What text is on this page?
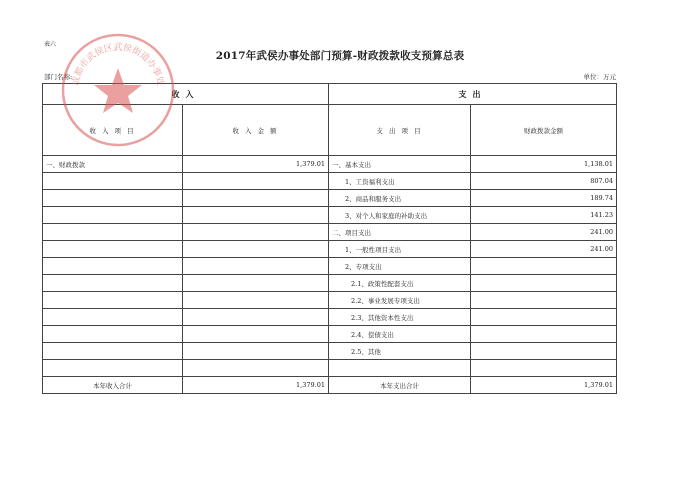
表六
2017年武侯办事处部门预算-财政拨款收支预算总表
部门名称:	单位：万元
收入		支出	
收 入 项 目	收 入 金 额	支 出 项 目	财政拨款金额
一、财政拨款	1,379.01	一、基本支出	1,138.01
		1、工资福利支出	807.04
		2、商品和服务支出	189.74
		3、对个人和家庭的补助支出	141.23
		二、项目支出	241.00
		1、一般性项目支出	241.00
		2、专项支出	
		2.1、政策性配套支出	
		2.2、事业发展专项支出	
		2.3、其他资本性支出	
		2.4、偿债支出	
		2.5、其他	

本年收入合计	1,379.01	本年支出合计	1,379.01
成都市武侯区武侯街道办事处
